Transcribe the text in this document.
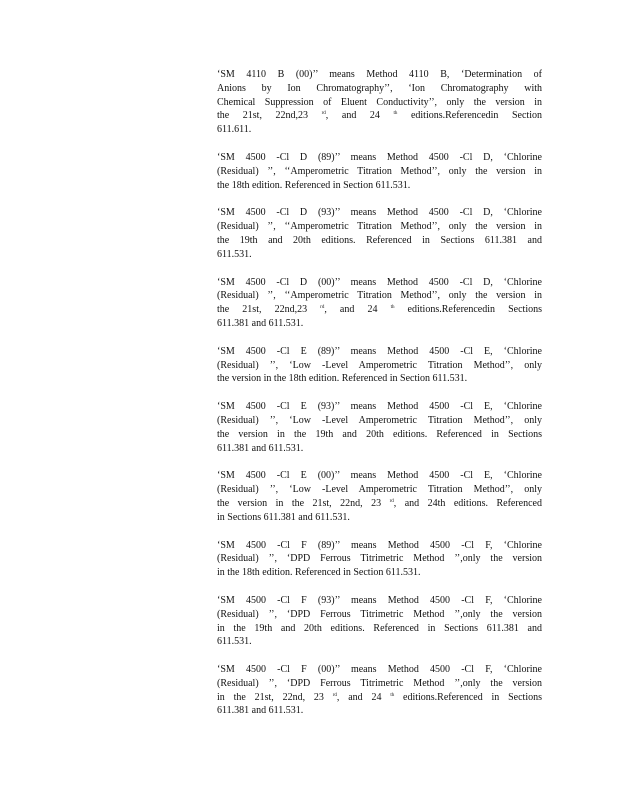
‘SM 4110 B (00)’’ means Method 4110 B, ‘Determination of
Anions by Ion Chromatography’’, ‘Ion Chromatography with
Chemical Suppression of Eluent Conductivity’’, only the version in
the 21st, 22nd,23 $^{rd}$, and 24 $^{th}$ editions.Referencedin Section
611.611.
‘SM 4500 -Cl D (89)’’ means Method 4500 -Cl D, ‘Chlorine
(Residual) ’’, ‘‘Amperometric Titration Method’’, only the version in
the 18th edition. Referenced in Section 611.531.
‘SM 4500 -Cl D (93)’’ means Method 4500 -Cl D, ‘Chlorine
(Residual) ’’, ‘‘Amperometric Titration Method’’, only the version in
the 19th and 20th editions. Referenced in Sections 611.381 and
611.531.
‘SM 4500 -Cl D (00)’’ means Method 4500 -Cl D, ‘Chlorine
(Residual) ’’, ‘‘Amperometric Titration Method’’, only the version in
the 21st, 22nd,23 $^{rd}$, and 24 $^{th}$ editions.Referencedin Sections
611.381 and 611.531.
‘SM 4500 -Cl E (89)’’ means Method 4500 -Cl E, ‘Chlorine
(Residual) ’’, ‘Low -Level Amperometric Titration Method’’, only
the version in the 18th edition. Referenced in Section 611.531.
‘SM 4500 -Cl E (93)’’ means Method 4500 -Cl E, ‘Chlorine
(Residual) ’’, ‘Low -Level Amperometric Titration Method’’, only
the version in the 19th and 20th editions. Referenced in Sections
611.381 and 611.531.
‘SM 4500 -Cl E (00)’’ means Method 4500 -Cl E, ‘Chlorine
(Residual) ’’, ‘Low -Level Amperometric Titration Method’’, only
the version in the 21st, 22nd, 23 $^{rd}$, and 24th editions. Referenced
in Sections 611.381 and 611.531.
‘SM 4500 -Cl F (89)’’ means Method 4500 -Cl F, ‘Chlorine
(Residual) ’’, ‘DPD Ferrous Titrimetric Method ’’,only the version
in the 18th edition. Referenced in Section 611.531.
‘SM 4500 -Cl F (93)’’ means Method 4500 -Cl F, ‘Chlorine
(Residual) ’’, ‘DPD Ferrous Titrimetric Method ’’,only the version
in the 19th and 20th editions. Referenced in Sections 611.381 and
611.531.
‘SM 4500 -Cl F (00)’’ means Method 4500 -Cl F, ‘Chlorine
(Residual) ’’, ‘DPD Ferrous Titrimetric Method ’’,only the version
in the 21st, 22nd, 23 $^{rd}$, and 24 $^{th}$ editions.Referenced in Sections
611.381 and 611.531.
